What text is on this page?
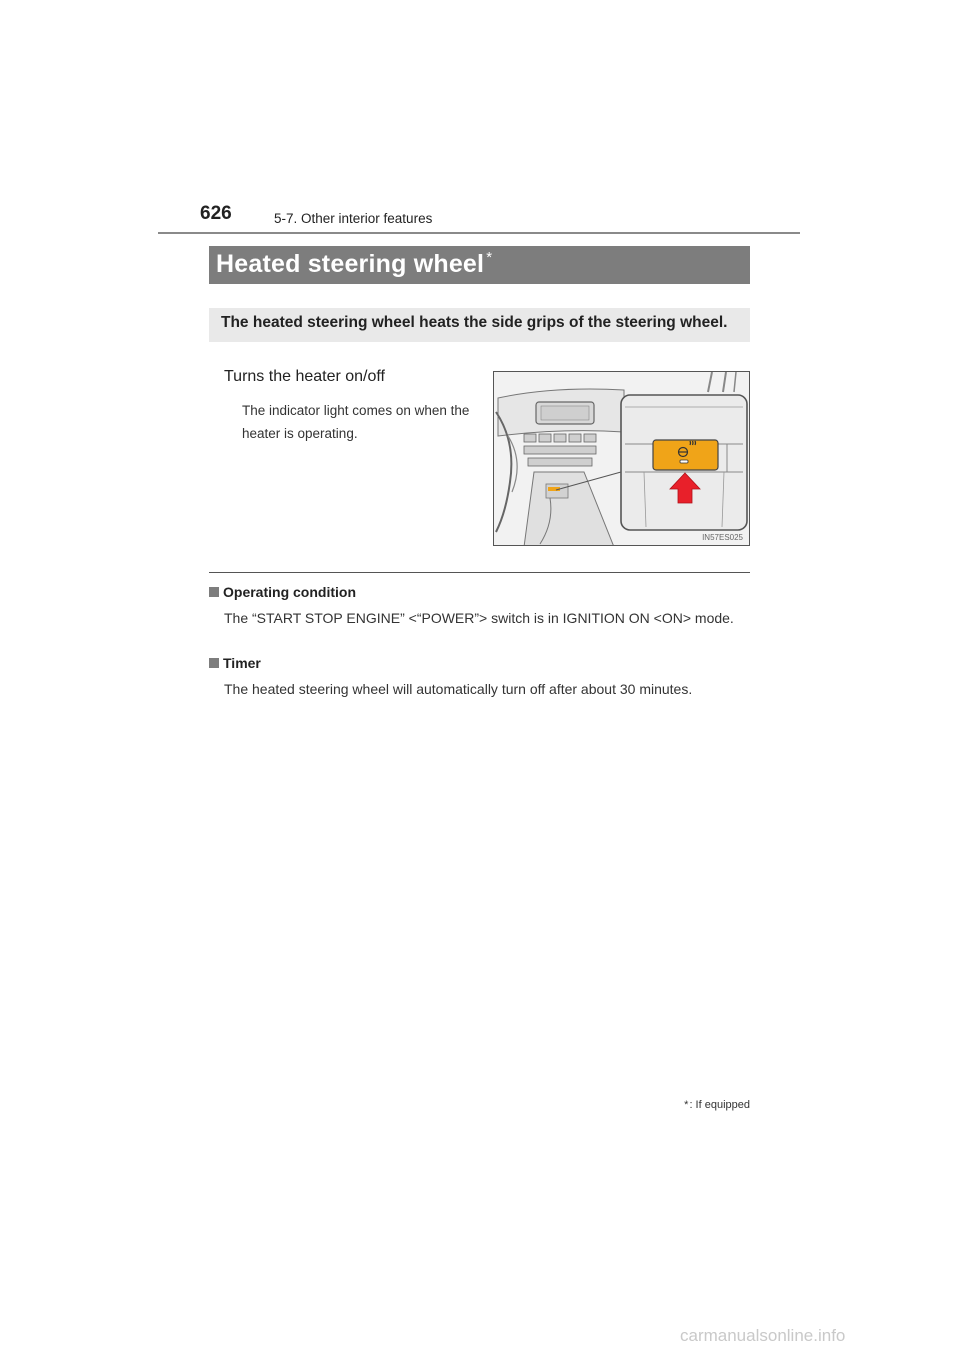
626	5-7. Other interior features
Heated steering wheel *
The heated steering wheel heats the side grips of the steering wheel.
Turns the heater on/off
The indicator light comes on when the heater is operating.
IN57ES025
Operating condition
The “START STOP ENGINE” <“POWER”> switch is in IGNITION ON <ON> mode.
Timer
The heated steering wheel will automatically turn off after about 30 minutes.
*: If equipped
carmanualsonline.info
